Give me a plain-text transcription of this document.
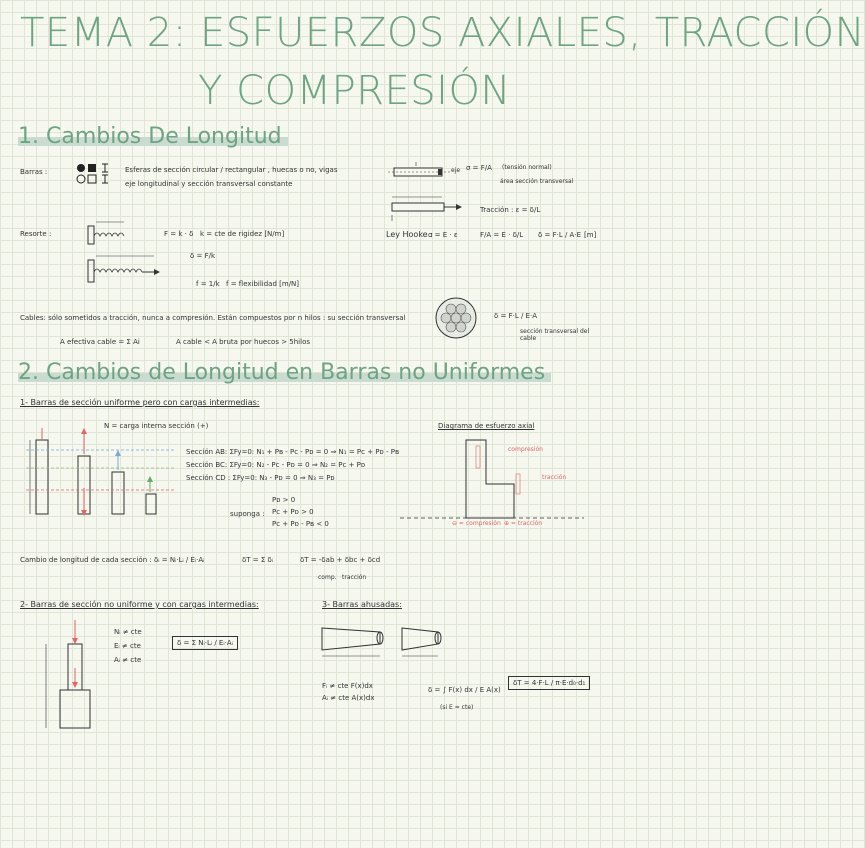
TEMA 2: ESFUERZOS AXIALES, TRACCIÓN
Y COMPRESIÓN
1. Cambios De Longitud
Barras :	Esferas de sección circular / rectangular , huecas o no, vigas
eje longitudinal y sección transversal constante
eje σ = F/A (tensión normal)
área sección transversal
Tracción : ε = δ/L
Resorte :	F = k · δ k = cte de rigidez [N/m]
δ = F/k
f = 1/k f = flexibilidad [m/N]
Ley Hooke :
σ = E · ε	F/A = E · δ/L δ = F·L / A·E [m]
Cables: sólo sometidos a tracción, nunca a compresión. Están compuestos por n hilos : su sección transversal
A efectiva cable = Σ Ai	A cable < A bruta por huecos > 5hilos
δ = F·L / E·A
sección transversal del cable
2. Cambios de Longitud en Barras no Uniformes
1- Barras de sección uniforme pero con cargas intermedias:
N = carga interna sección (+)
Sección AB: ΣFy=0: N₁ + Pʙ - Pᴄ - Pᴅ = 0 ⇒ N₁ = Pᴄ + Pᴅ - Pʙ
Sección BC: ΣFy=0: N₂ - Pᴄ - Pᴅ = 0 ⇒ N₂ = Pᴄ + Pᴅ
Sección CD : ΣFy=0: N₃ - Pᴅ = 0 ⇒ N₃ = Pᴅ
suponga :
Pᴅ > 0
Pᴄ + Pᴅ > 0
Pᴄ + Pᴅ - Pʙ < 0
Diagrama de esfuerzo axial
compresión
tracción
⊖ = compresión ⊕ = tracción
Cambio de longitud de cada sección : δᵢ = Nᵢ·Lᵢ / Eᵢ·Aᵢ	δT = Σ δᵢ	δT = -δab + δbc + δcd
comp. tracción
2- Barras de sección no uniforme y con cargas intermedias:
Nᵢ ≠ cte
Eᵢ ≠ cte
Aᵢ ≠ cte
δ = Σ Nᵢ·Lᵢ / Eᵢ·Aᵢ
3- Barras ahusadas:
Fᵢ ≠ cte F(x)dx
Aᵢ ≠ cte A(x)dx
δ = ∫ F(x) dx / E A(x)
(si E = cte)
δT = 4·F·L / π·E·d₀·d₁
